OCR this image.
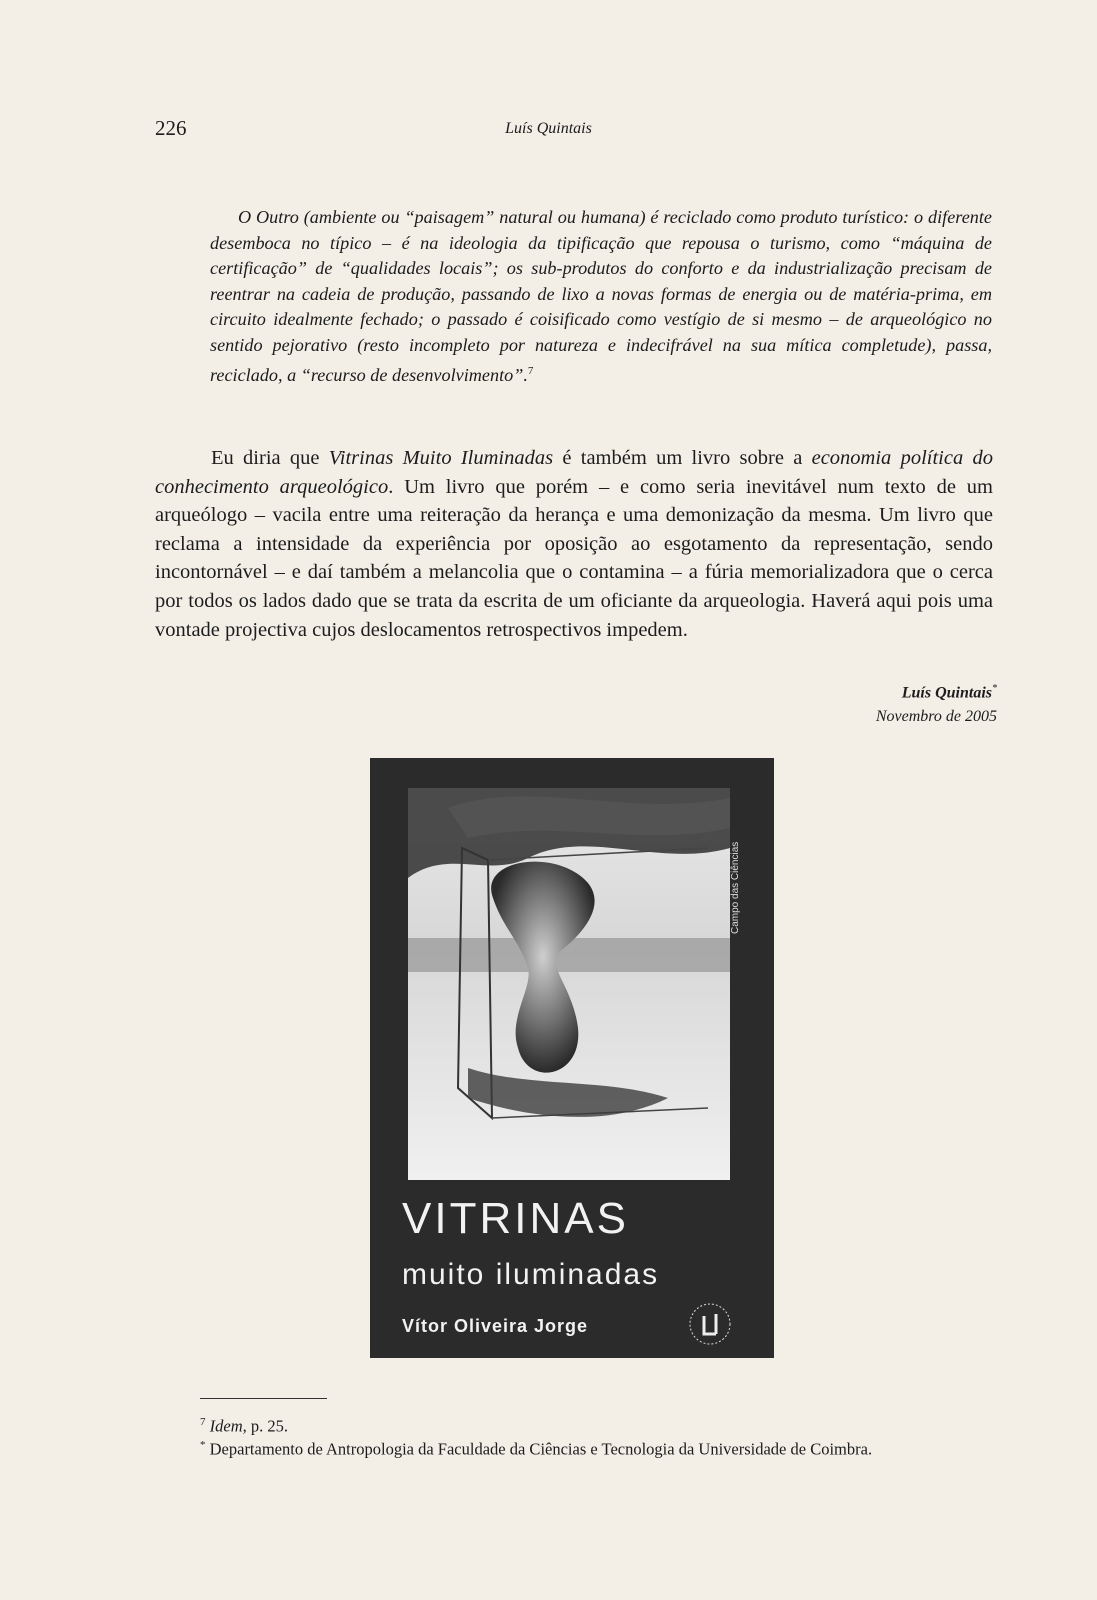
226	Luís Quintais

O Outro (ambiente ou “paisagem” natural ou humana) é reciclado como produto turístico: o diferente desemboca no típico – é na ideologia da tipificação que repousa o turismo, como “máquina de certificação” de “qualidades locais”; os sub-produtos do conforto e da industrialização precisam de reentrar na cadeia de produção, passando de lixo a novas formas de energia ou de matéria-prima, em circuito idealmente fechado; o passado é coisificado como vestígio de si mesmo – de arqueológico no sentido pejorativo (resto incompleto por natureza e indecifrável na sua mítica completude), passa, reciclado, a “recurso de desenvolvimento”.$^7$

Eu diria que Vitrinas Muito Iluminadas é também um livro sobre a economia política do conhecimento arqueológico. Um livro que porém – e como seria inevitável num texto de um arqueólogo – vacila entre uma reiteração da herança e uma demonização da mesma. Um livro que reclama a intensidade da experiência por oposição ao esgotamento da representação, sendo incontornável – e daí também a melancolia que o contamina – a fúria memorializadora que o cerca por todos os lados dado que se trata da escrita de um oficiante da arqueologia. Haverá aqui pois uma vontade projectiva cujos deslocamentos retrospectivos impedem.

Luís Quintais*
Novembro de 2005
Campo das Ciências
VITRINAS
muito iluminadas
Vítor Oliveira Jorge

$^7$ Idem, p. 25.

* Departamento de Antropologia da Faculdade da Ciências e Tecnologia da Universidade de Coimbra.
